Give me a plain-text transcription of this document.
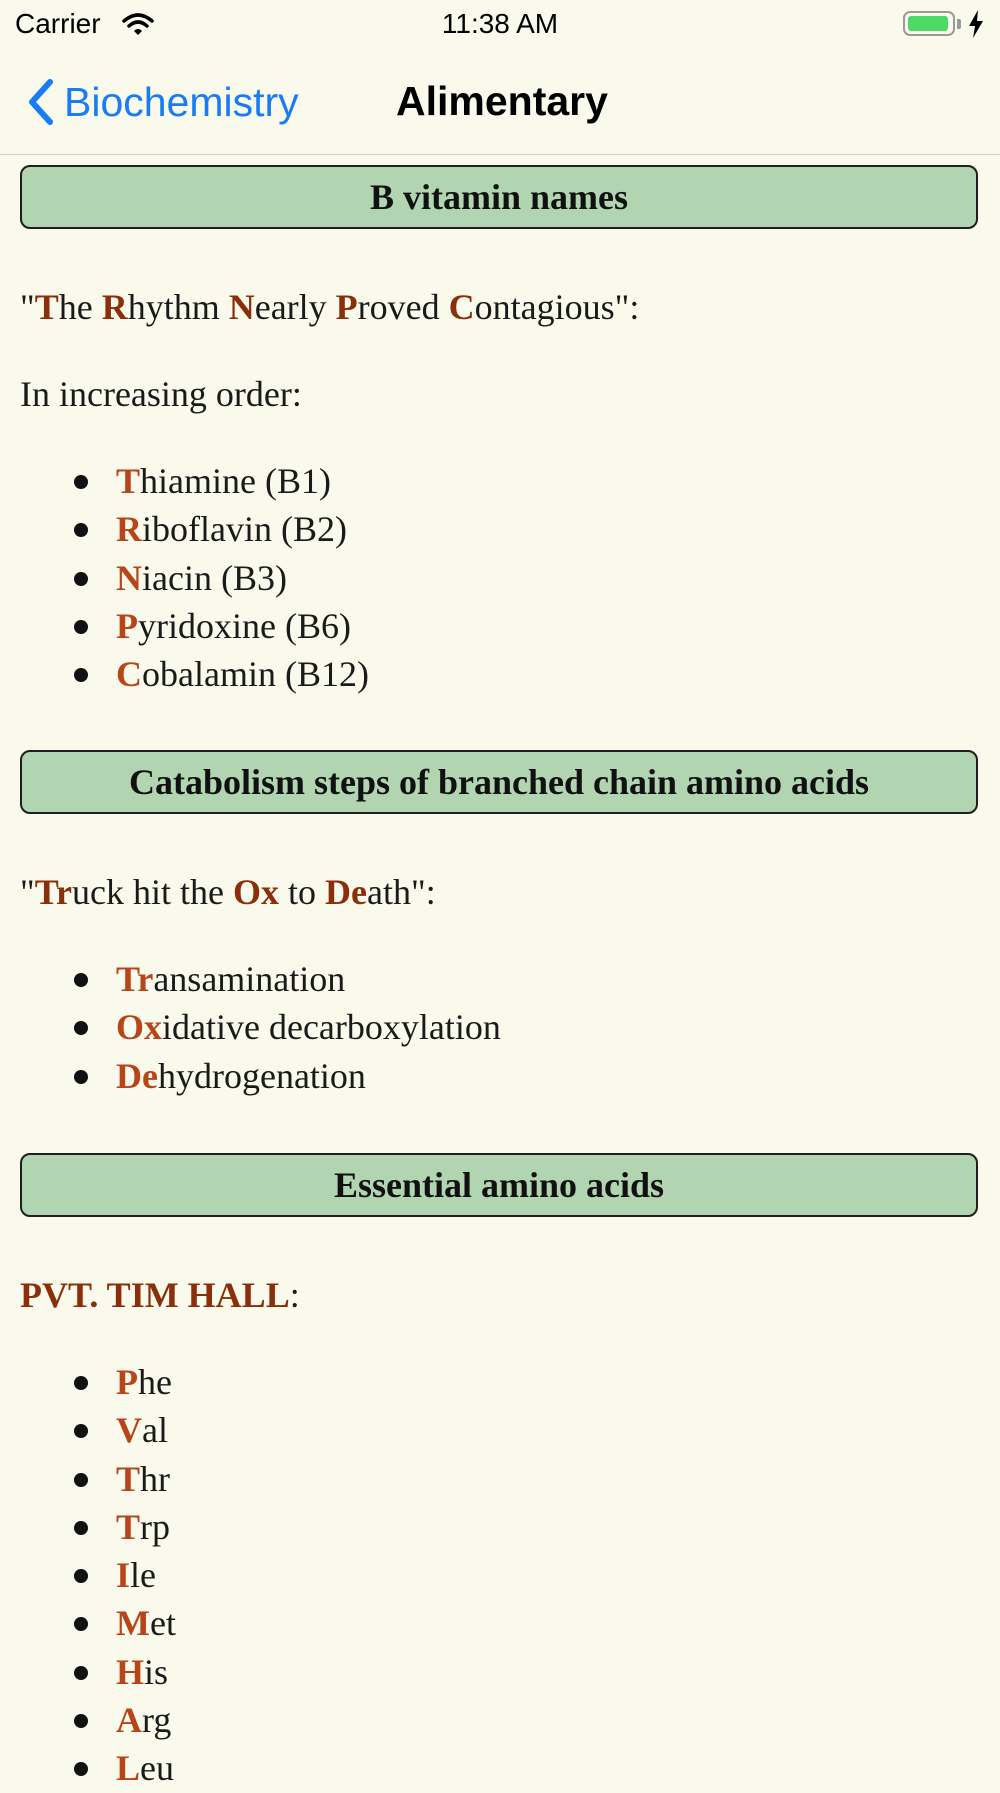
Carrier	11:38 AM
Biochemistry Alimentary
B vitamin names
"The Rhythm Nearly Proved Contagious":
In increasing order:
Thiamine (B1)
Riboflavin (B2)
Niacin (B3)
Pyridoxine (B6)
Cobalamin (B12)
Catabolism steps of branched chain amino acids
"Truck hit the Ox to Death":
Transamination
Oxidative decarboxylation
Dehydrogenation
Essential amino acids
PVT. TIM HALL:
Phe
Val
Thr
Trp
Ile
Met
His
Arg
Leu
